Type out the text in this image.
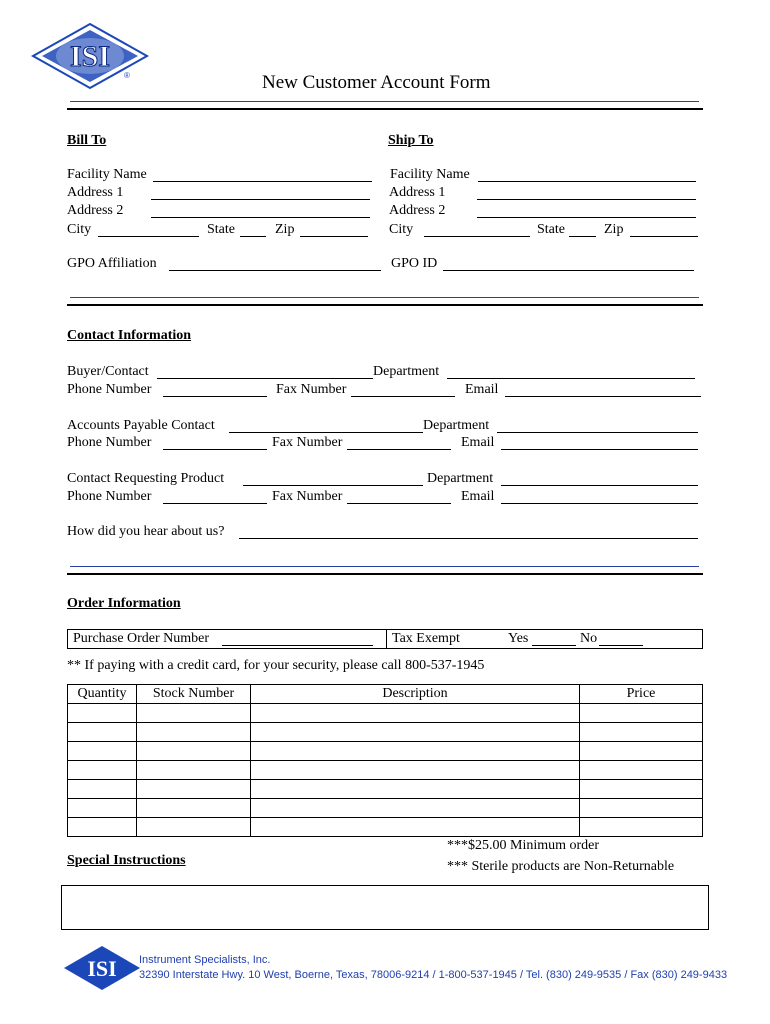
ISI
®	New Customer Account Form
Bill To
Facility Name
Address 1
Address 2
City	State	Zip
GPO Affiliation
Ship To
Facility Name
Address 1
Address 2
City	State	Zip
GPO ID
Contact Information
Buyer/Contact	Department
Phone Number	Fax Number	Email
Accounts Payable Contact	Department
Phone Number	Fax Number	Email
Contact Requesting Product	Department
Phone Number	Fax Number	Email
How did you hear about us?
Order Information
Purchase Order Number	Tax Exempt	Yes	No
** If paying with a credit card, for your security, please call 800-537-1945
Quantity	Stock Number	Description	Price

***$25.00 Minimum order
*** Sterile products are Non-Returnable
Special Instructions
ISI Instrument Specialists, Inc.
32390 Interstate Hwy. 10 West, Boerne, Texas, 78006-9214 / 1-800-537-1945 / Tel. (830) 249-9535 / Fax (830) 249-9433
